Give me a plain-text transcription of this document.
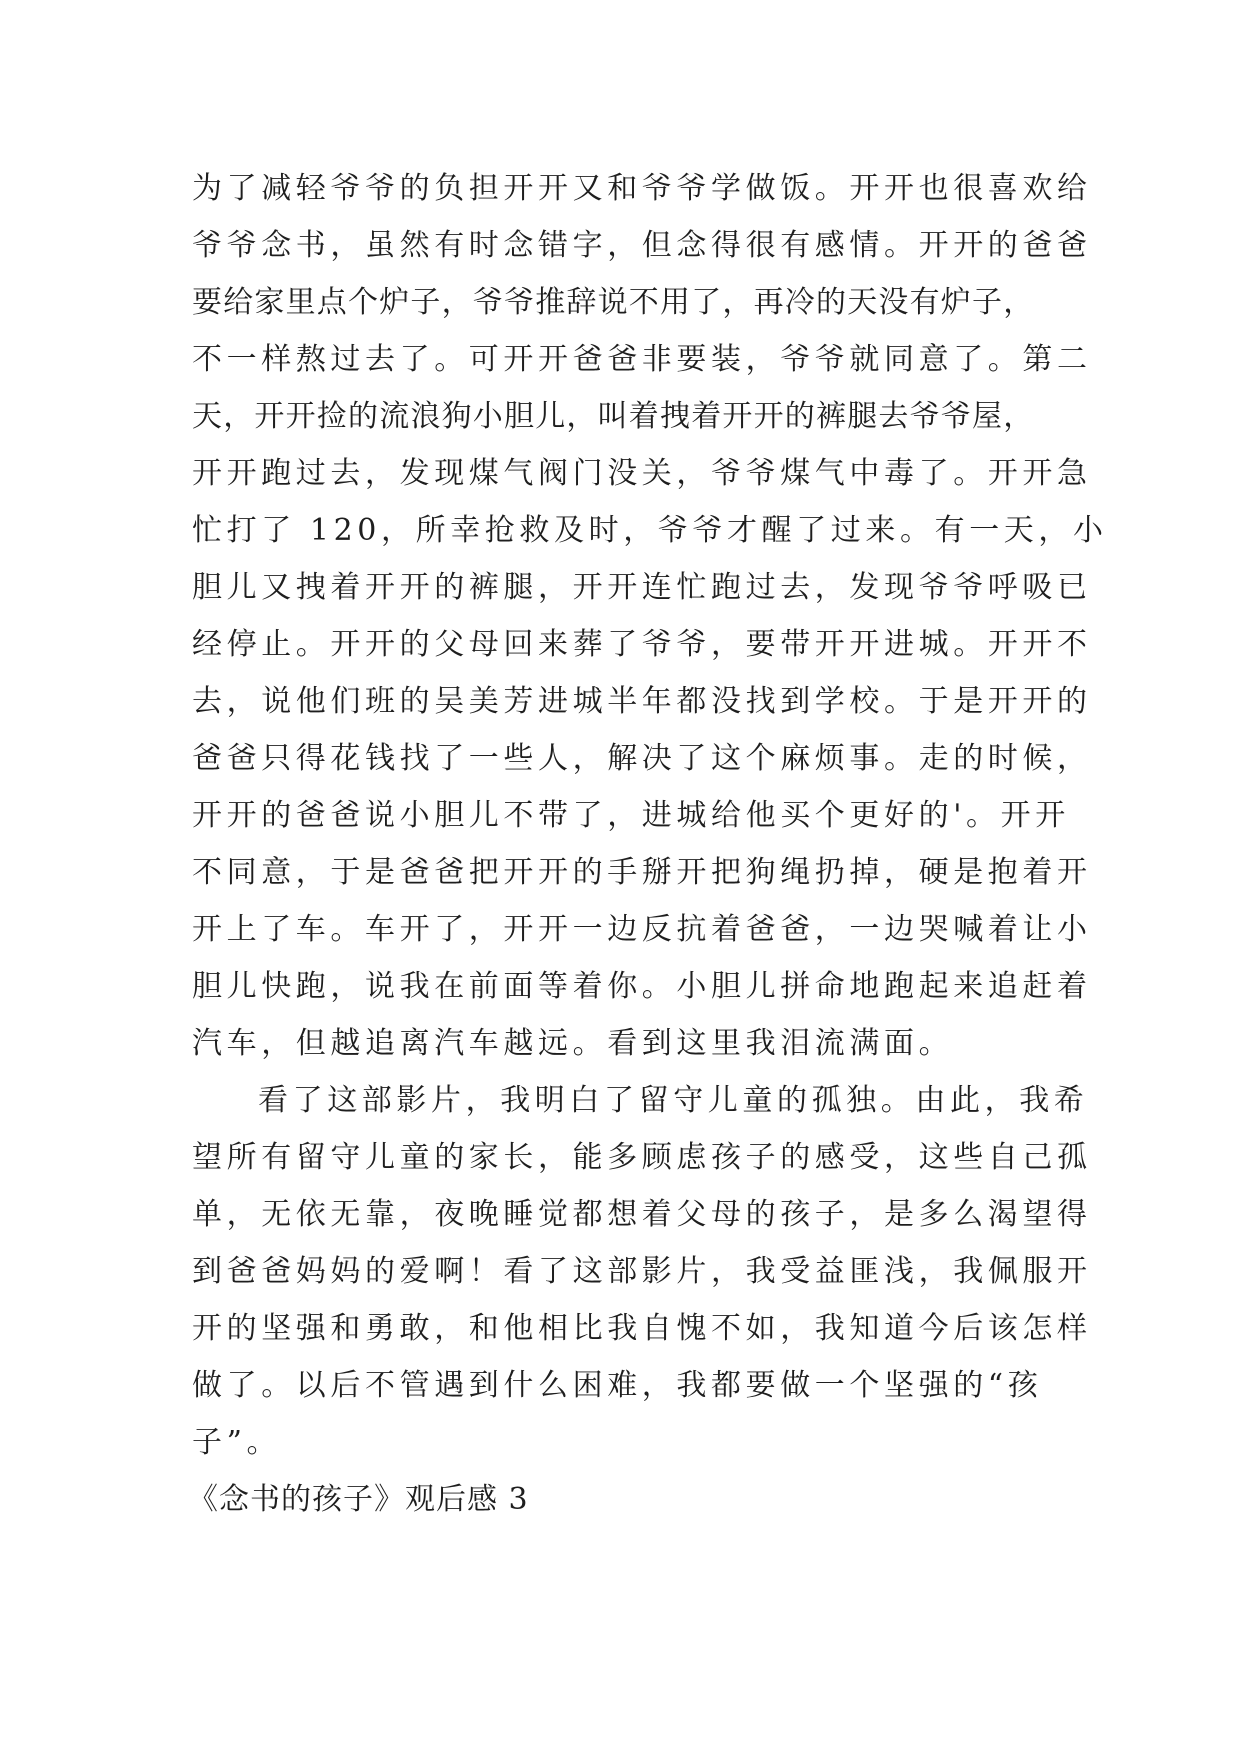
为了减轻爷爷的负担开开又和爷爷学做饭。开开也很喜欢给
爷爷念书，虽然有时念错字，但念得很有感情。开开的爸爸
要给家里点个炉子，爷爷推辞说不用了，再冷的天没有炉子，
不一样熬过去了。可开开爸爸非要装，爷爷就同意了。第二
天，开开捡的流浪狗小胆儿，叫着拽着开开的裤腿去爷爷屋，
开开跑过去，发现煤气阀门没关，爷爷煤气中毒了。开开急
忙打了 120，所幸抢救及时，爷爷才醒了过来。有一天，小
胆儿又拽着开开的裤腿，开开连忙跑过去，发现爷爷呼吸已
经停止。开开的父母回来葬了爷爷，要带开开进城。开开不
去，说他们班的吴美芳进城半年都没找到学校。于是开开的
爸爸只得花钱找了一些人，解决了这个麻烦事。走的时候，
开开的爸爸说小胆儿不带了，进城给他买个更好的'。开开
不同意，于是爸爸把开开的手掰开把狗绳扔掉，硬是抱着开
开上了车。车开了，开开一边反抗着爸爸，一边哭喊着让小
胆儿快跑，说我在前面等着你。小胆儿拼命地跑起来追赶着
汽车，但越追离汽车越远。看到这里我泪流满面。
看了这部影片，我明白了留守儿童的孤独。由此，我希
望所有留守儿童的家长，能多顾虑孩子的感受，这些自己孤
单，无依无靠，夜晚睡觉都想着父母的孩子，是多么渴望得
到爸爸妈妈的爱啊！看了这部影片，我受益匪浅，我佩服开
开的坚强和勇敢，和他相比我自愧不如，我知道今后该怎样
做了。以后不管遇到什么困难，我都要做一个坚强的“孩
子”。
《念书的孩子》观后感 3
